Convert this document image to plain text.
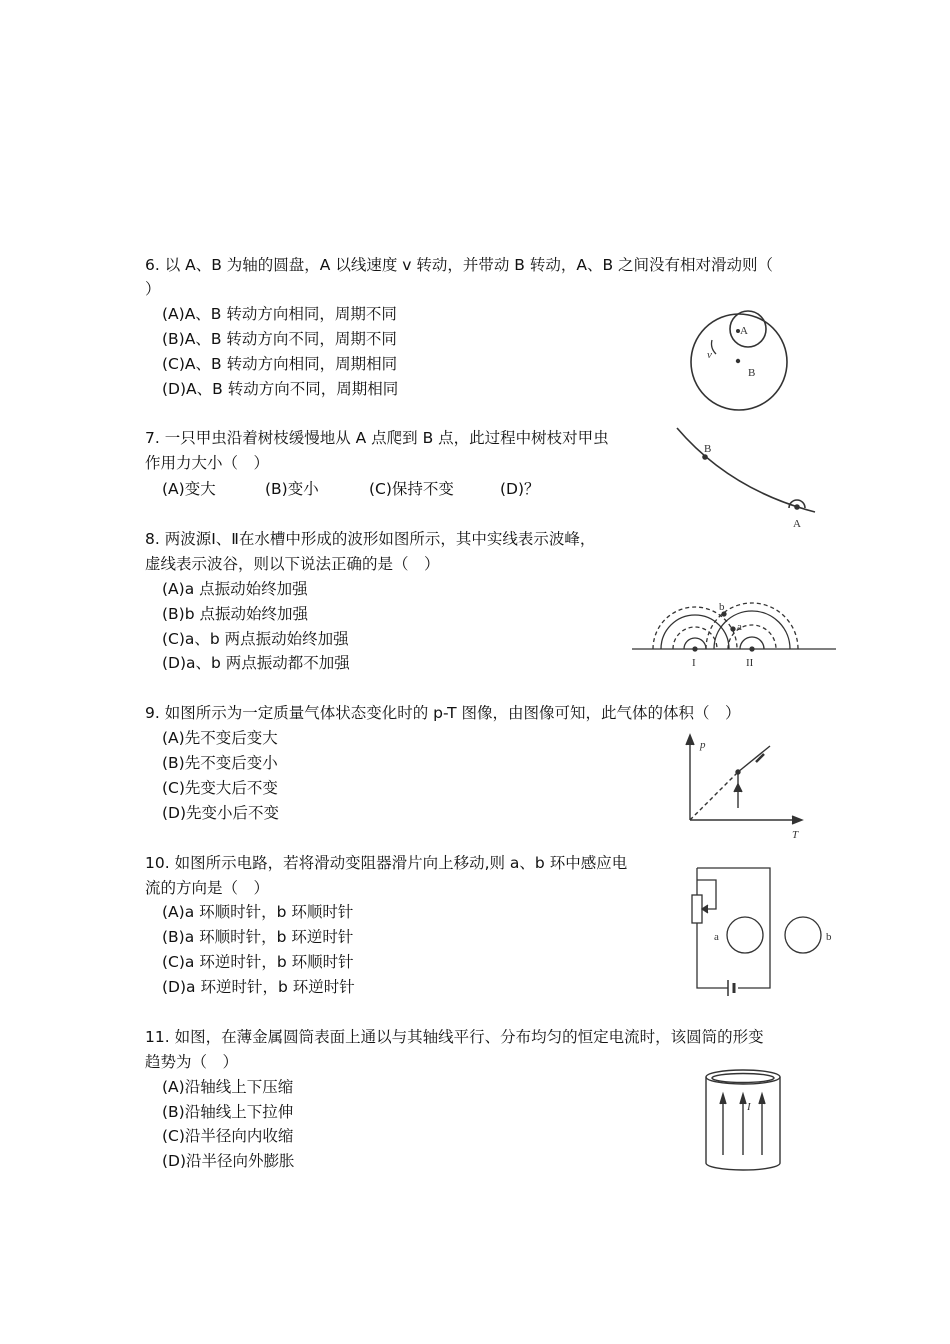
6. 以 A、B 为轴的圆盘，A 以线速度 v 转动，并带动 B 转动，A、B 之间没有相对滑动则（
）
(A)A、B 转动方向相同，周期不同
(B)A、B 转动方向不同，周期不同
(C)A、B 转动方向相同，周期相同
(D)A、B 转动方向不同，周期相同
7. 一只甲虫沿着树枝缓慢地从 A 点爬到 B 点，此过程中树枝对甲虫
作用力大小（　）
(A)变大	(B)变小	(C)保持不变	(D)？
8. 两波源Ⅰ、Ⅱ在水槽中形成的波形如图所示，其中实线表示波峰，
虚线表示波谷，则以下说法正确的是（　）
(A)a 点振动始终加强
(B)b 点振动始终加强
(C)a、b 两点振动始终加强
(D)a、b 两点振动都不加强
9. 如图所示为一定质量气体状态变化时的 p-T 图像，由图像可知，此气体的体积（　）
(A)先不变后变大
(B)先不变后变小
(C)先变大后不变
(D)先变小后不变
10. 如图所示电路，若将滑动变阻器滑片向上移动,则 a、b 环中感应电
流的方向是（　）
(A)a 环顺时针，b 环顺时针
(B)a 环顺时针，b 环逆时针
(C)a 环逆时针，b 环顺时针
(D)a 环逆时针，b 环逆时针
11. 如图，在薄金属圆筒表面上通以与其轴线平行、分布均匀的恒定电流时，该圆筒的形变
趋势为（　）
(A)沿轴线上下压缩
(B)沿轴线上下拉伸
(C)沿半径向内收缩
(D)沿半径向外膨胀
A
B
v
B
A
I	II
a
b
p
T
a	b
I
